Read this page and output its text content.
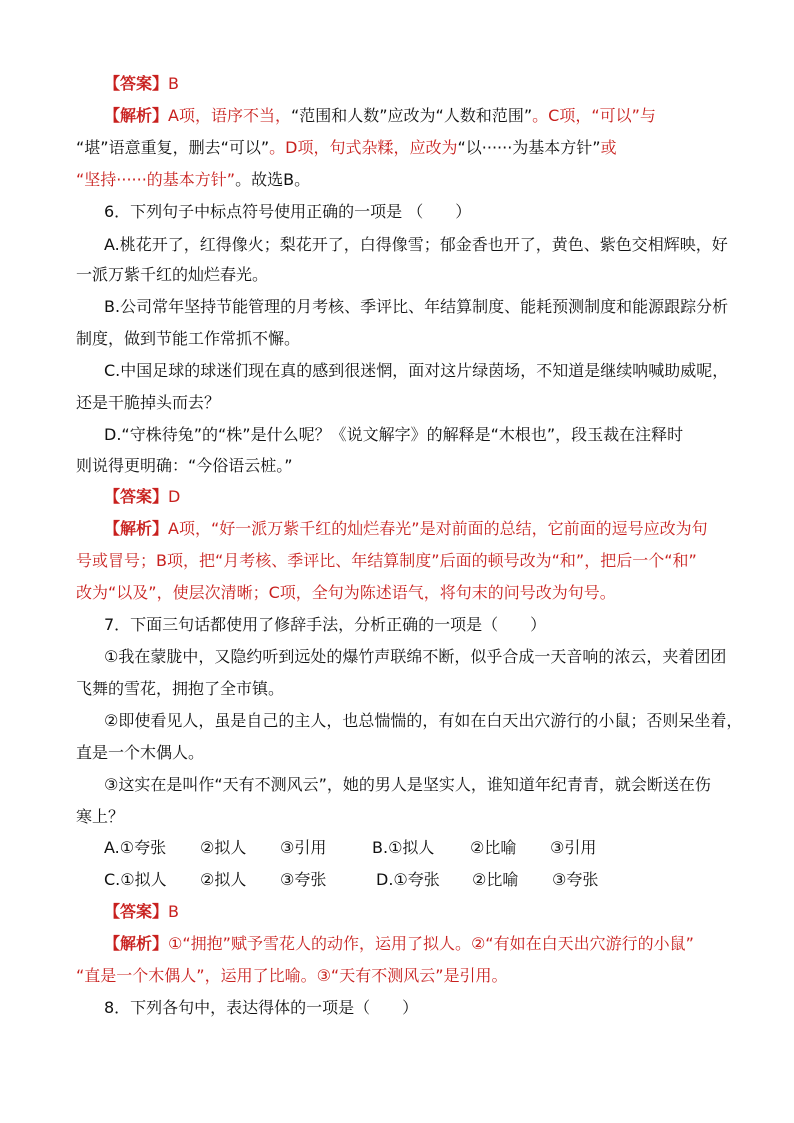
【答案】B
【解析】A项，语序不当，“范围和人数”应改为“人数和范围”。C项，“可以”与
“堪”语意重复，删去“可以”。D项，句式杂糅，应改为“以······为基本方针”或
“坚持······的基本方针”。故选B。
6．下列句子中标点符号使用正确的一项是 （　　）
A.桃花开了，红得像火；梨花开了，白得像雪；郁金香也开了，黄色、紫色交相辉映，好
一派万紫千红的灿烂春光。
B.公司常年坚持节能管理的月考核、季评比、年结算制度、能耗预测制度和能源跟踪分析
制度，做到节能工作常抓不懈。
C.中国足球的球迷们现在真的感到很迷惘，面对这片绿茵场，不知道是继续呐喊助威呢，
还是干脆掉头而去？
D.“守株待兔”的“株”是什么呢？《说文解字》的解释是“木根也”，段玉裁在注释时
则说得更明确：“今俗语云桩。”
【答案】D
【解析】A项，“好一派万紫千红的灿烂春光”是对前面的总结，它前面的逗号应改为句
号或冒号；B项，把“月考核、季评比、年结算制度”后面的顿号改为“和”，把后一个“和”
改为“以及”，使层次清晰；C项，全句为陈述语气，将句末的问号改为句号。
7．下面三句话都使用了修辞手法，分析正确的一项是（　　）
①我在蒙胧中，又隐约听到远处的爆竹声联绵不断，似乎合成一天音响的浓云，夹着团团
飞舞的雪花，拥抱了全市镇。
②即使看见人，虽是自己的主人，也总惴惴的，有如在白天出穴游行的小鼠；否则呆坐着，
直是一个木偶人。
③这实在是叫作“天有不测风云”，她的男人是坚实人，谁知道年纪青青，就会断送在伤
寒上？
A.①夸张 ②拟人 ③引用	B.①拟人 ②比喻 ③引用
C.①拟人 ②拟人 ③夸张	D.①夸张 ②比喻 ③夸张
【答案】B
【解析】①“拥抱”赋予雪花人的动作，运用了拟人。②“有如在白天出穴游行的小鼠”
“直是一个木偶人”，运用了比喻。③“天有不测风云”是引用。
8．下列各句中，表达得体的一项是（　　）
